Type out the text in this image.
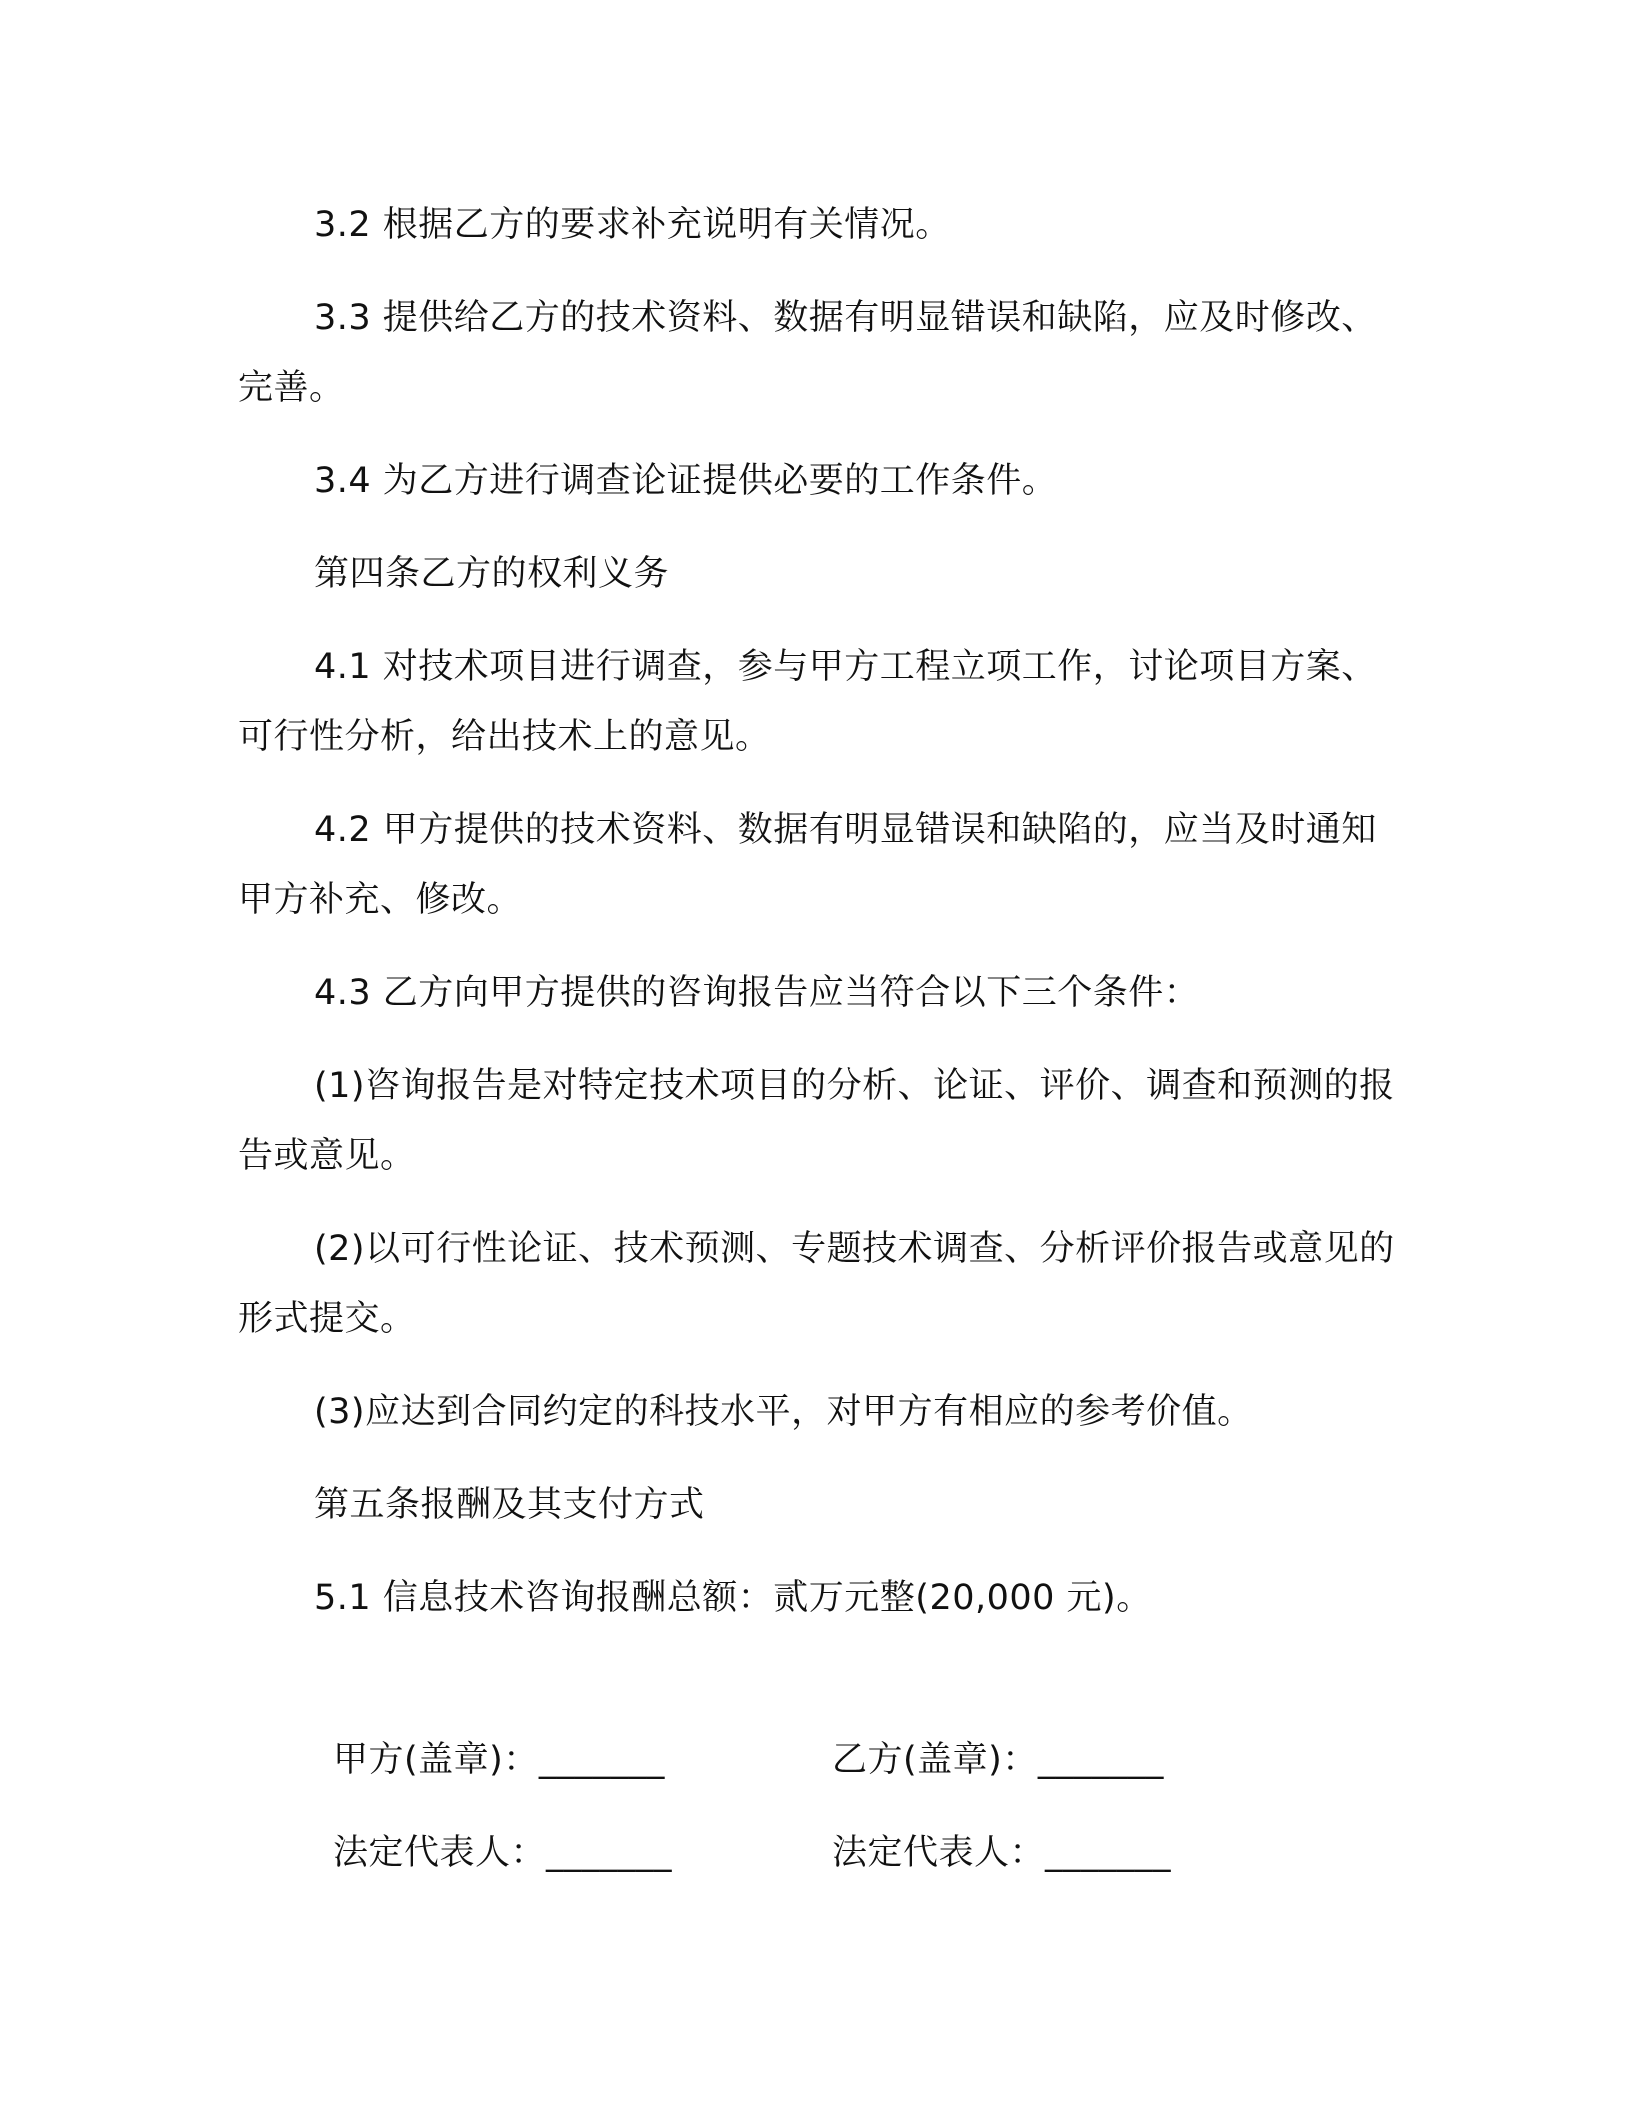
3.2 根据乙方的要求补充说明有关情况。

3.3 提供给乙方的技术资料、数据有明显错误和缺陷，应及时修改、完善。

3.4 为乙方进行调查论证提供必要的工作条件。

第四条乙方的权利义务

4.1 对技术项目进行调查，参与甲方工程立项工作，讨论项目方案、可行性分析，给出技术上的意见。

4.2 甲方提供的技术资料、数据有明显错误和缺陷的，应当及时通知甲方补充、修改。

4.3 乙方向甲方提供的咨询报告应当符合以下三个条件：

(1)咨询报告是对特定技术项目的分析、论证、评价、调查和预测的报告或意见。

(2)以可行性论证、技术预测、专题技术调查、分析评价报告或意见的形式提交。

(3)应达到合同约定的科技水平，对甲方有相应的参考价值。

第五条报酬及其支付方式

5.1 信息技术咨询报酬总额：贰万元整(20,000 元)。

甲方(盖章)：_______	乙方(盖章)：_______
法定代表人：_______	法定代表人：_______
